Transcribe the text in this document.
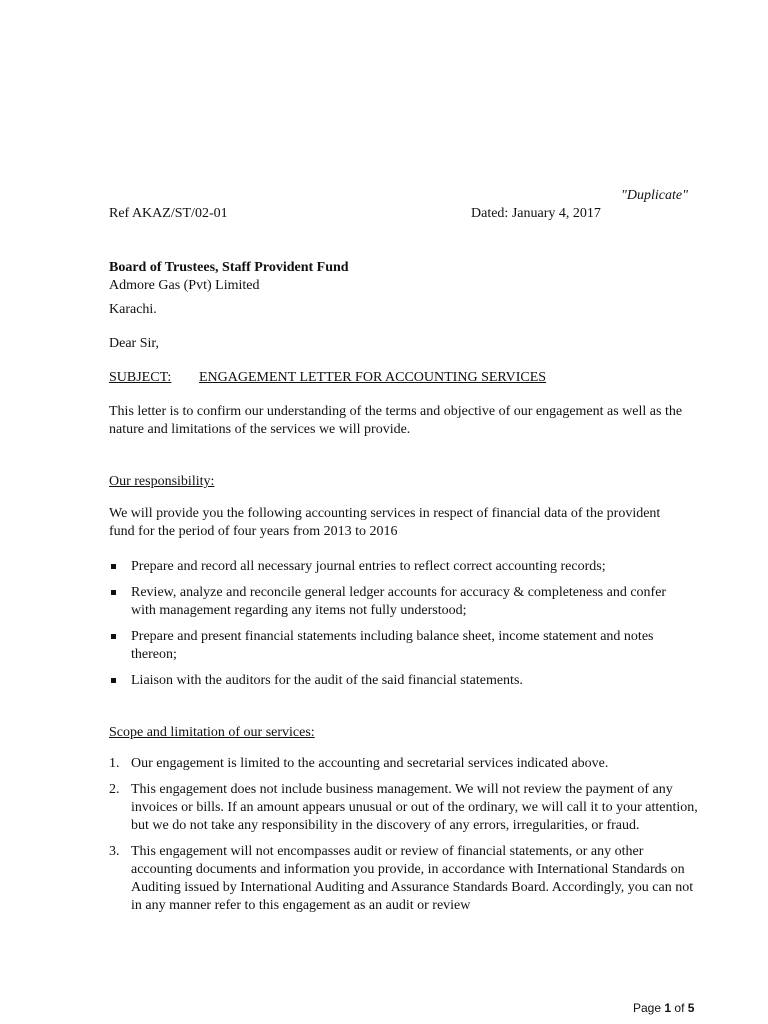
"Duplicate"
Ref AKAZ/ST/02-01	Dated: January 4, 2017
Board of Trustees, Staff Provident Fund
Admore Gas (Pvt) Limited
Karachi.
Dear Sir,
SUBJECT: ENGAGEMENT LETTER FOR ACCOUNTING SERVICES
This letter is to confirm our understanding of the terms and objective of our engagement as well as the nature and limitations of the services we will provide.
Our responsibility:
We will provide you the following accounting services in respect of financial data of the provident fund for the period of four years from 2013 to 2016
Prepare and record all necessary journal entries to reflect correct accounting records;
Review, analyze and reconcile general ledger accounts for accuracy & completeness and confer with management regarding any items not fully understood;
Prepare and present financial statements including balance sheet, income statement and notes thereon;
Liaison with the auditors for the audit of the said financial statements.
Scope and limitation of our services:
1. Our engagement is limited to the accounting and secretarial services indicated above.
2. This engagement does not include business management. We will not review the payment of any invoices or bills. If an amount appears unusual or out of the ordinary, we will call it to your attention, but we do not take any responsibility in the discovery of any errors, irregularities, or fraud.
3. This engagement will not encompasses audit or review of financial statements, or any other accounting documents and information you provide, in accordance with International Standards on Auditing issued by International Auditing and Assurance Standards Board. Accordingly, you can not in any manner refer to this engagement as an audit or review
Page 1 of 5
